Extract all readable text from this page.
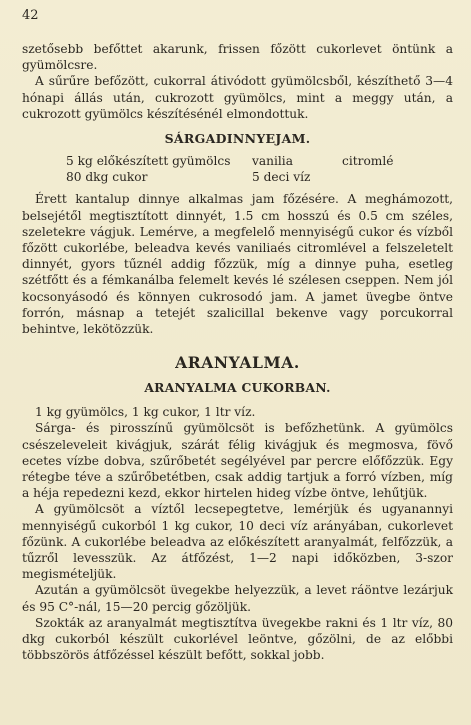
42

szetősebb befőttet akarunk, frissen főzött cukorlevet öntünk a gyümölcsre.

A sűrűre befőzött, cukorral átivódott gyümölcsből, készíthető 3—4 hónapi állás után, cukrozott gyümölcs, mint a meggy után, a cukrozott gyümölcs készítésénél elmondottuk.

SÁRGADINNYEJAM.
5 kg előkészített gyümölcs	vanilia	citromlé
80 dkg cukor	5 deci víz

Érett kantalup dinnye alkalmas jam főzésére. A meghámozott, belsejétől megtisztított dinnyét, 1.5 cm hosszú és 0.5 cm széles, szeletekre vágjuk. Lemérve, a megfelelő mennyiségű cukor és vízből főzött cukorlébe, beleadva kevés vaniliaés citromlével a felszeletelt dinnyét, gyors tűznél addig főzzük, míg a dinnye puha, esetleg szétfőtt és a fémkanálba felemelt kevés lé szélesen cseppen. Nem jól kocsonyásodó és könnyen cukrosodó jam. A jamet üvegbe öntve forrón, másnap a tetejét szalicillal bekenve vagy porcukorral behintve, lekötözzük.

ARANYALMA.
ARANYALMA CUKORBAN.

1 kg gyümölcs, 1 kg cukor, 1 ltr víz.

Sárga- és pirosszínű gyümölcsöt is befőzhetünk. A gyümölcs csészeleveleit kivágjuk, szárát félig kivágjuk és megmosva, fövő ecetes vízbe dobva, szűrőbetét segélyével par percre előfőzzük. Egy rétegbe téve a szűrőbetétben, csak addig tartjuk a forró vízben, míg a héja repedezni kezd, ekkor hirtelen hideg vízbe öntve, lehűtjük.

A gyümölcsöt a víztől lecsepegtetve, lemérjük és ugyanannyi mennyiségű cukorból 1 kg cukor, 10 deci víz arányában, cukorlevet főzünk. A cukorlébe beleadva az előkészített aranyalmát, felfőzzük, a tűzről levesszük. Az átfőzést, 1—2 napi időközben, 3-szor megismételjük.

Azután a gyümölcsöt üvegekbe helyezzük, a levet ráöntve lezárjuk és 95 C°-nál, 15—20 percig gőzöljük.

Szokták az aranyalmát megtisztítva üvegekbe rakni és 1 ltr víz, 80 dkg cukorból készült cukorlével leöntve, gőzölni, de az előbbi többszörös átfőzéssel készült befőtt, sokkal jobb.
